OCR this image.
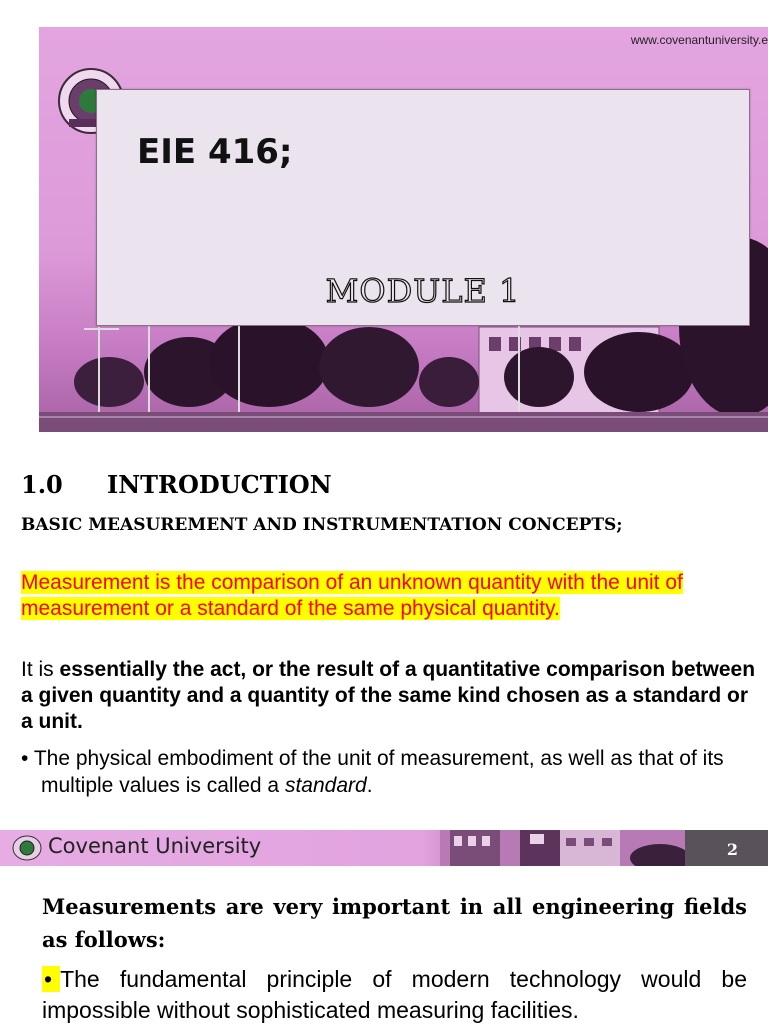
www.covenantuniversity.e
EIE 416;
MODULE 1
1.0 INTRODUCTION
BASIC MEASUREMENT AND INSTRUMENTATION CONCEPTS;

Measurement is the comparison of an unknown quantity with the unit of measurement or a standard of the same physical quantity.

It is essentially the act, or the result of a quantitative comparison between a given quantity and a quantity of the same kind chosen as a standard or a unit.

• The physical embodiment of the unit of measurement, as well as that of its multiple values is called a standard.

Covenant University	2

Measurements are very important in all engineering fields as follows:

• The fundamental principle of modern technology would be impossible without sophisticated measuring facilities.
